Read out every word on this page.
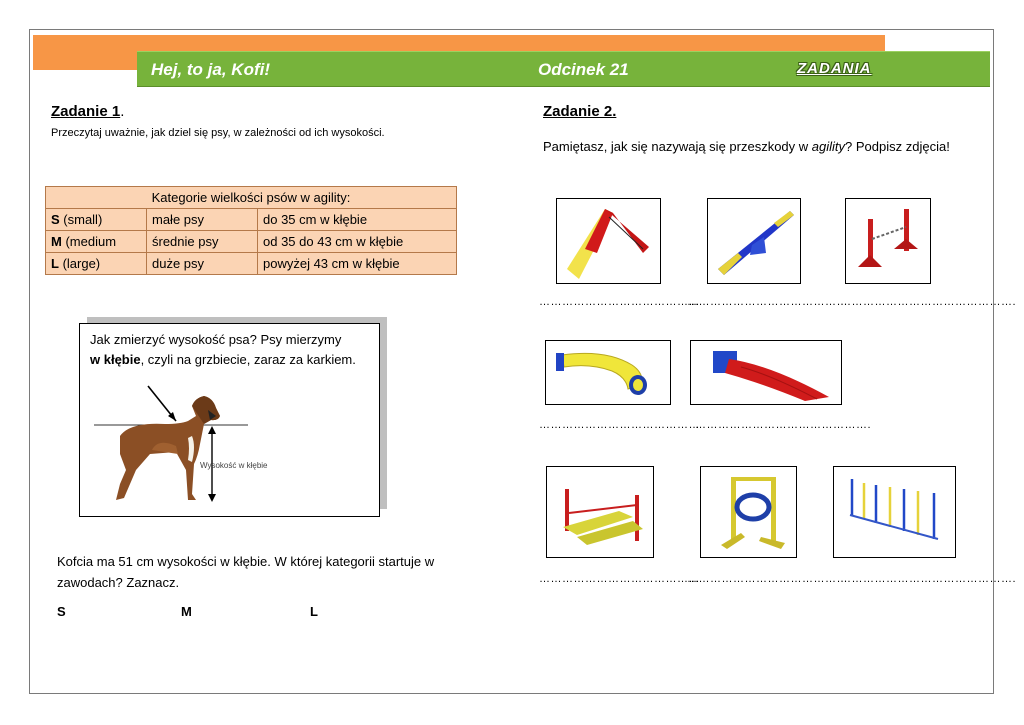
Hej, to ja, Kofi!	Odcinek 21	ZADANIA
Zadanie 1.
Przeczytaj uważnie, jak dziel się psy, w zależności od ich wysokości.
Kategorie wielkości psów w agility:		
S (small)	małe psy	do 35 cm w kłębie
M (medium	średnie psy	od 35 do 43 cm w kłębie
L (large)	duże psy	powyżej 43 cm w kłębie
Jak zmierzyć wysokość psa? Psy mierzymy
w kłębie, czyli na grzbiecie, zaraz za karkiem.
Wysokość w kłębie
Kofcia ma 51 cm wysokości w kłębie. W której kategorii startuje w zawodach? Zaznacz.
S	M	L
Zadanie 2.
Pamiętasz, jak się nazywają się przeszkody w agility? Podpisz zdjęcia!
……………………………………
……………………………………
……………………………………….
……………………………………
……………………………………….
……………………………………
……………………………………
……………………………………….
